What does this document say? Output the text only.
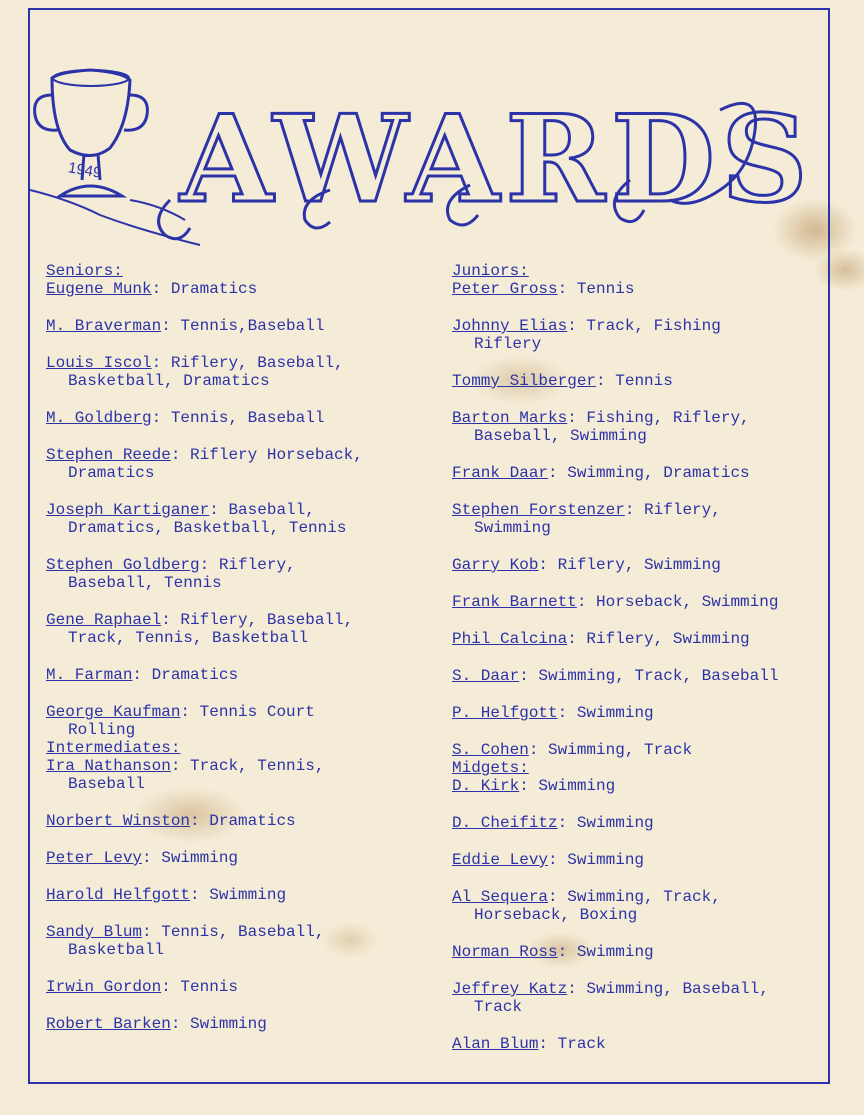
1949 AWARDS
Seniors:
Eugene Munk: Dramatics
M. Braverman: Tennis,Baseball
Louis Iscol: Riflery, Baseball,
Basketball, Dramatics
M. Goldberg: Tennis, Baseball
Stephen Reede: Riflery Horseback,
Dramatics
Joseph Kartiganer: Baseball,
Dramatics, Basketball, Tennis
Stephen Goldberg: Riflery,
Baseball, Tennis
Gene Raphael: Riflery, Baseball,
Track, Tennis, Basketball
M. Farman: Dramatics
George Kaufman: Tennis Court
Rolling
Intermediates:
Ira Nathanson: Track, Tennis,
Baseball
Norbert Winston: Dramatics
Peter Levy: Swimming
Harold Helfgott: Swimming
Sandy Blum: Tennis, Baseball,
Basketball
Irwin Gordon: Tennis
Robert Barken: Swimming
Juniors:
Peter Gross: Tennis
Johnny Elias: Track, Fishing
Riflery
Tommy Silberger: Tennis
Barton Marks: Fishing, Riflery,
Baseball, Swimming
Frank Daar: Swimming, Dramatics
Stephen Forstenzer: Riflery,
Swimming
Garry Kob: Riflery, Swimming
Frank Barnett: Horseback, Swimming
Phil Calcina: Riflery, Swimming
S. Daar: Swimming, Track, Baseball
P. Helfgott: Swimming
S. Cohen: Swimming, Track
Midgets:
D. Kirk: Swimming
D. Cheifitz: Swimming
Eddie Levy: Swimming
Al Sequera: Swimming, Track,
Horseback, Boxing
Norman Ross: Swimming
Jeffrey Katz: Swimming, Baseball,
Track
Alan Blum: Track
